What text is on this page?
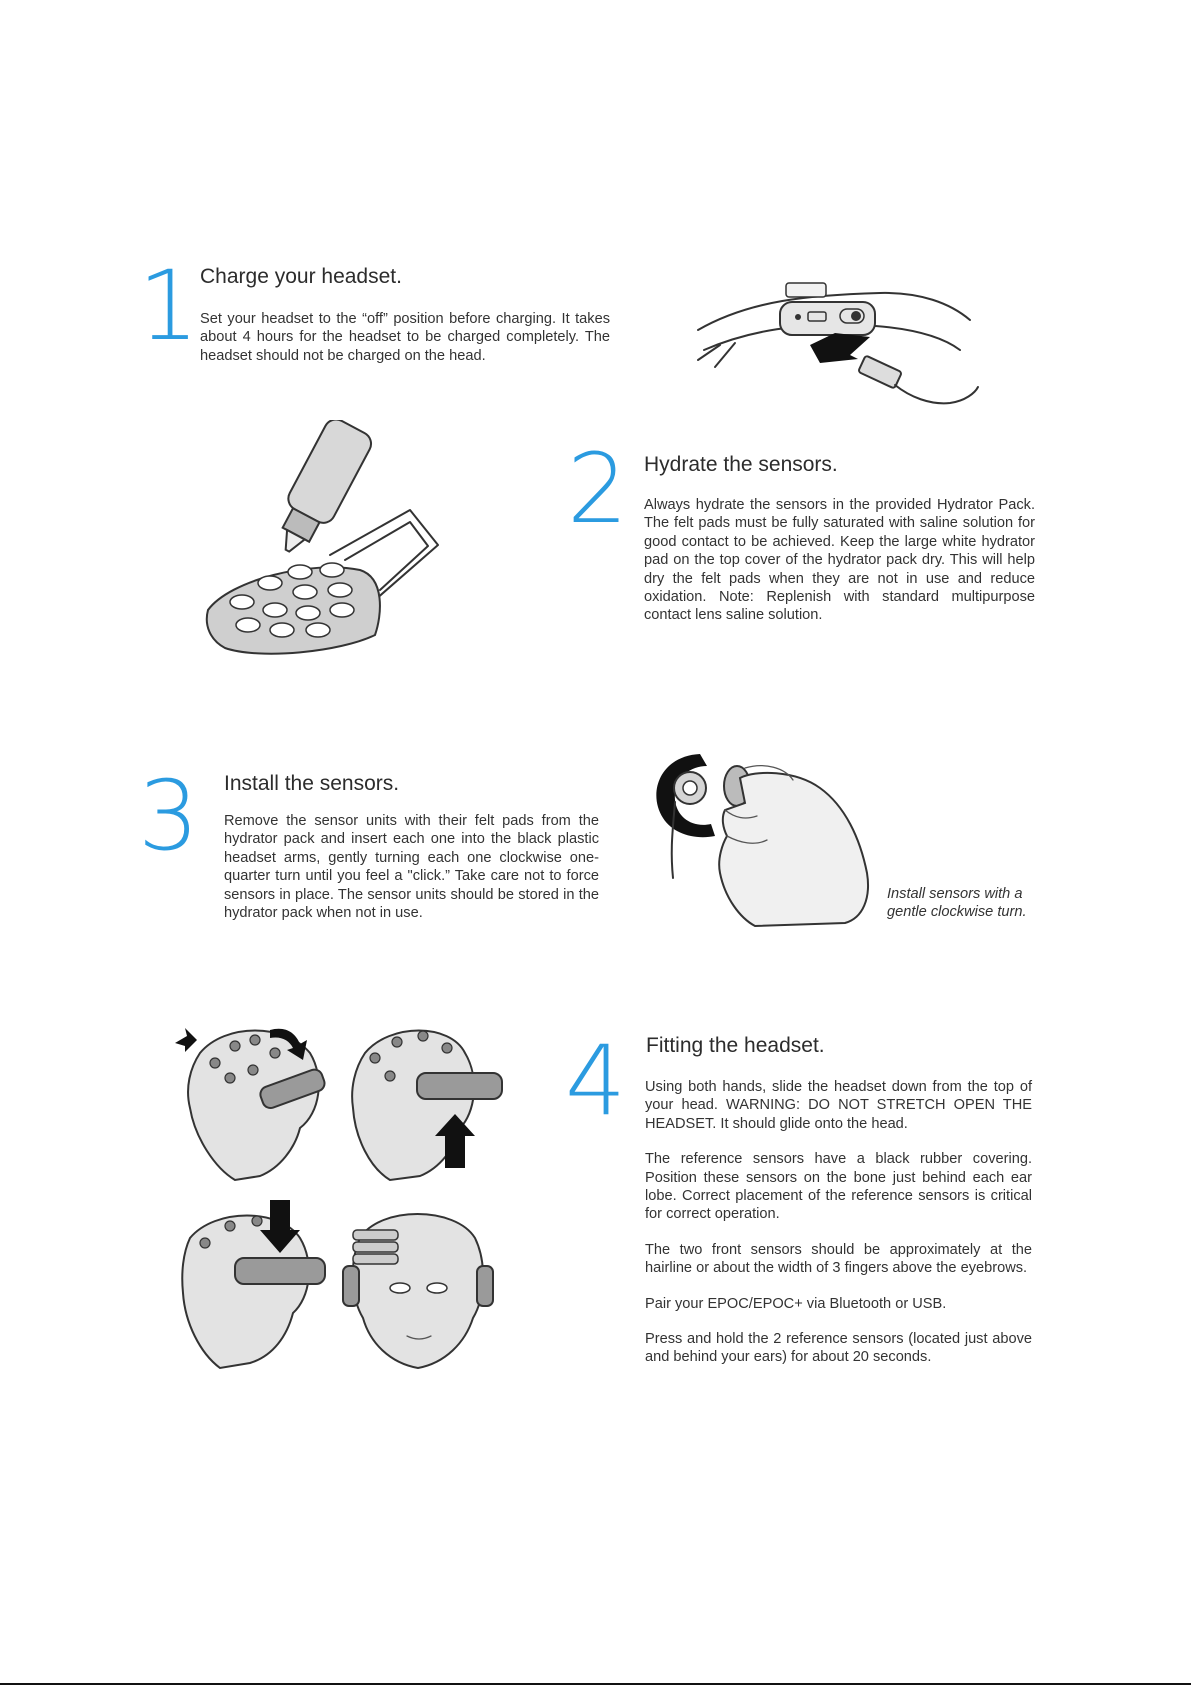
1 Charge your headset.

Set your headset to the “off” position before charging. It takes about 4 hours for the headset to be charged completely. The headset should not be charged on the head.

2 Hydrate the sensors.

Always hydrate the sensors in the provided Hydrator Pack. The felt pads must be fully saturated with saline solution for good contact to be achieved. Keep the large white hydrator pad on the top cover of the hydrator pack dry. This will help dry the felt pads when they are not in use and reduce oxidation. Note: Replenish with standard multipurpose contact lens saline solution.

3 Install the sensors.

Remove the sensor units with their felt pads from the hydrator pack and insert each one into the black plastic headset arms, gently turning each one clockwise one-quarter turn until you feel a "click.” Take care not to force sensors in place. The sensor units should be stored in the hydrator pack when not in use.

Install sensors with a
gentle clockwise turn.
4 Fitting the headset.

Using both hands, slide the headset down from the top of your head. WARNING: DO NOT STRETCH OPEN THE HEADSET. It should glide onto the head.

The reference sensors have a black rubber covering. Position these sensors on the bone just behind each ear lobe. Correct placement of the reference sensors is critical for correct operation.

The two front sensors should be approximately at the hairline or about the width of 3 fingers above the eyebrows.

Pair your EPOC/EPOC+ via Bluetooth or USB.

Press and hold the 2 reference sensors (located just above and behind your ears) for about 20 seconds.
